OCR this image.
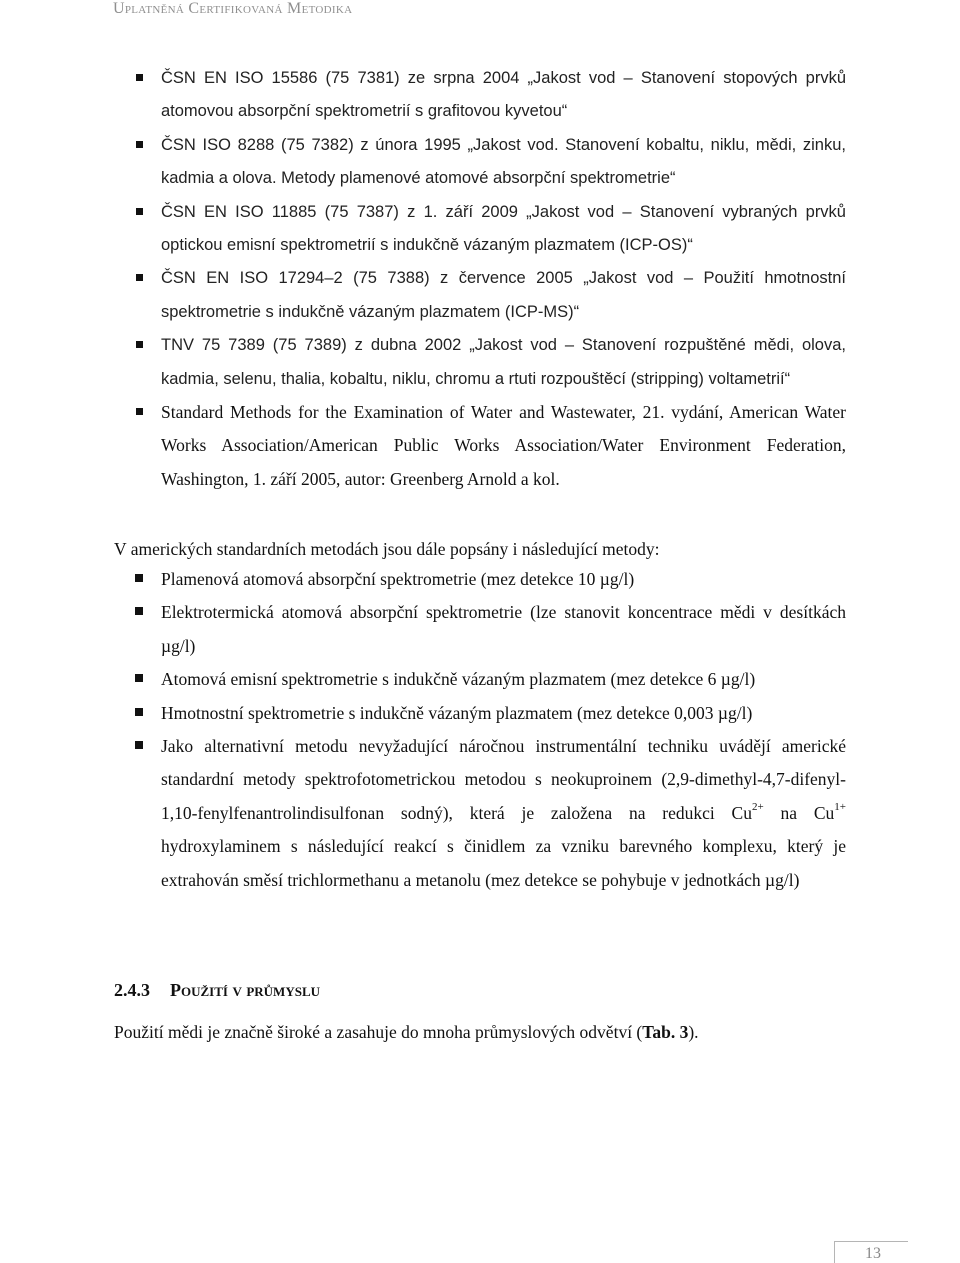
Uplatněná Certifikovaná Metodika
ČSN EN ISO 15586 (75 7381) ze srpna 2004 „Jakost vod – Stanovení stopových prvků atomovou absorpční spektrometrií s grafitovou kyvetou“
ČSN ISO 8288 (75 7382) z února 1995 „Jakost vod. Stanovení kobaltu, niklu, mědi, zinku, kadmia a olova. Metody plamenové atomové absorpční spektrometrie“
ČSN EN ISO 11885 (75 7387) z 1. září 2009 „Jakost vod – Stanovení vybraných prvků optickou emisní spektrometrií s indukčně vázaným plazmatem (ICP-OS)“
ČSN EN ISO 17294–2 (75 7388) z července 2005 „Jakost vod – Použití hmotnostní spektrometrie s indukčně vázaným plazmatem (ICP-MS)“
TNV 75 7389 (75 7389) z dubna 2002 „Jakost vod – Stanovení rozpuštěné mědi, olova, kadmia, selenu, thalia, kobaltu, niklu, chromu a rtuti rozpouštěcí (stripping) voltametrií“
Standard Methods for the Examination of Water and Wastewater, 21. vydání, American Water Works Association/American Public Works Association/Water Environment Federation, Washington, 1. září 2005, autor: Greenberg Arnold a kol.

V amerických standardních metodách jsou dále popsány i následující metody:

Plamenová atomová absorpční spektrometrie (mez detekce 10 µg/l)
Elektrotermická atomová absorpční spektrometrie (lze stanovit koncentrace mědi v desítkách µg/l)
Atomová emisní spektrometrie s indukčně vázaným plazmatem (mez detekce 6 µg/l)
Hmotnostní spektrometrie s indukčně vázaným plazmatem (mez detekce 0,003 µg/l)
Jako alternativní metodu nevyžadující náročnou instrumentální techniku uvádějí americké standardní metody spektrofotometrickou metodou s neokuproinem (2,9-dimethyl-4,7-difenyl-1,10-fenylfenantrolindisulfonan sodný), která je založena na redukci $Cu^{2+}$ na $Cu^{1+}$ hydroxylaminem s následující reakcí s činidlem za vzniku barevného komplexu, který je extrahován směsí trichlormethanu a metanolu (mez detekce se pohybuje v jednotkách µg/l)
2.4.3 Použití v průmyslu

Použití mědi je značně široké a zasahuje do mnoha průmyslových odvětví (Tab. 3).

13
